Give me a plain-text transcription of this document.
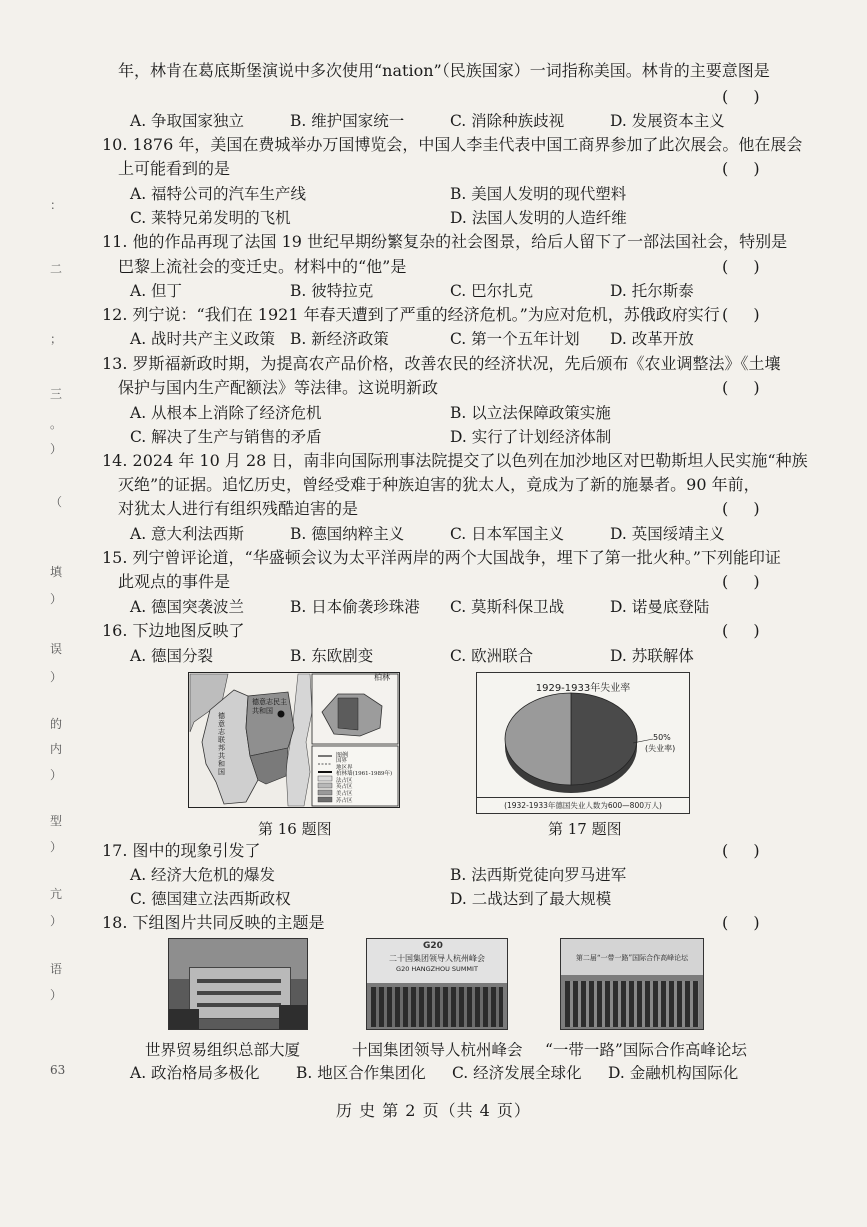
：
二
；
三
。
）
（
填
）
误
）
的
内
）
型
）
亢
）
语
）
63
年，林肯在葛底斯堡演说中多次使用“nation”（民族国家）一词指称美国。林肯的主要意图是
( )
A. 争取国家独立	B. 维护国家统一	C. 消除种族歧视	D. 发展资本主义
10. 1876 年，美国在费城举办万国博览会，中国人李圭代表中国工商界参加了此次展会。他在展会
上可能看到的是	( )
A. 福特公司的汽车生产线	B. 美国人发明的现代塑料
C. 莱特兄弟发明的飞机	D. 法国人发明的人造纤维
11. 他的作品再现了法国 19 世纪早期纷繁复杂的社会图景，给后人留下了一部法国社会，特别是
巴黎上流社会的变迁史。材料中的“他”是	( )
A. 但丁	B. 彼特拉克	C. 巴尔扎克	D. 托尔斯泰
12. 列宁说：“我们在 1921 年春天遭到了严重的经济危机。”为应对危机，苏俄政府实行 ( )
A. 战时共产主义政策 B. 新经济政策	C. 第一个五年计划 D. 改革开放
13. 罗斯福新政时期，为提高农产品价格，改善农民的经济状况，先后颁布《农业调整法》《土壤
保护与国内生产配额法》等法律。这说明新政	( )
A. 从根本上消除了经济危机	B. 以立法保障政策实施
C. 解决了生产与销售的矛盾	D. 实行了计划经济体制
14. 2024 年 10 月 28 日，南非向国际刑事法院提交了以色列在加沙地区对巴勒斯坦人民实施“种族
灭绝”的证据。追忆历史，曾经受难于种族迫害的犹太人，竟成为了新的施暴者。90 年前，
对犹太人进行有组织残酷迫害的是	( )
A. 意大利法西斯	B. 德国纳粹主义	C. 日本军国主义	D. 英国绥靖主义
15. 列宁曾评论道，“华盛顿会议为太平洋两岸的两个大国战争，埋下了第一批火种。”下列能印证
此观点的事件是	( )
A. 德国突袭波兰	B. 日本偷袭珍珠港 C. 莫斯科保卫战	D. 诺曼底登陆
16. 下边地图反映了	( )
A. 德国分裂	B. 东欧剧变	C. 欧洲联合	D. 苏联解体
柏林
德意志民主共和国
德意志联邦共和国
图例
国界
地区界
柏林墙(1961-1989年)
法占区
英占区
美占区
苏占区
第 16 题图
1929-1933年失业率
50%
(失业率)
(1932-1933年德国失业人数为600—800万人)
第 17 题图
17. 图中的现象引发了	( )
A. 经济大危机的爆发	B. 法西斯党徒向罗马进军
C. 德国建立法西斯政权	D. 二战达到了最大规模
18. 下组图片共同反映的主题是	( )
G20
二十国集团领导人杭州峰会
G20 HANGZHOU SUMMIT
第二届“一带一路”国际合作高峰论坛
世界贸易组织总部大厦	十国集团领导人杭州峰会 “一带一路”国际合作高峰论坛
A. 政治格局多极化 B. 地区合作集团化 C. 经济发展全球化 D. 金融机构国际化
历 史 第 2 页（共 4 页）
